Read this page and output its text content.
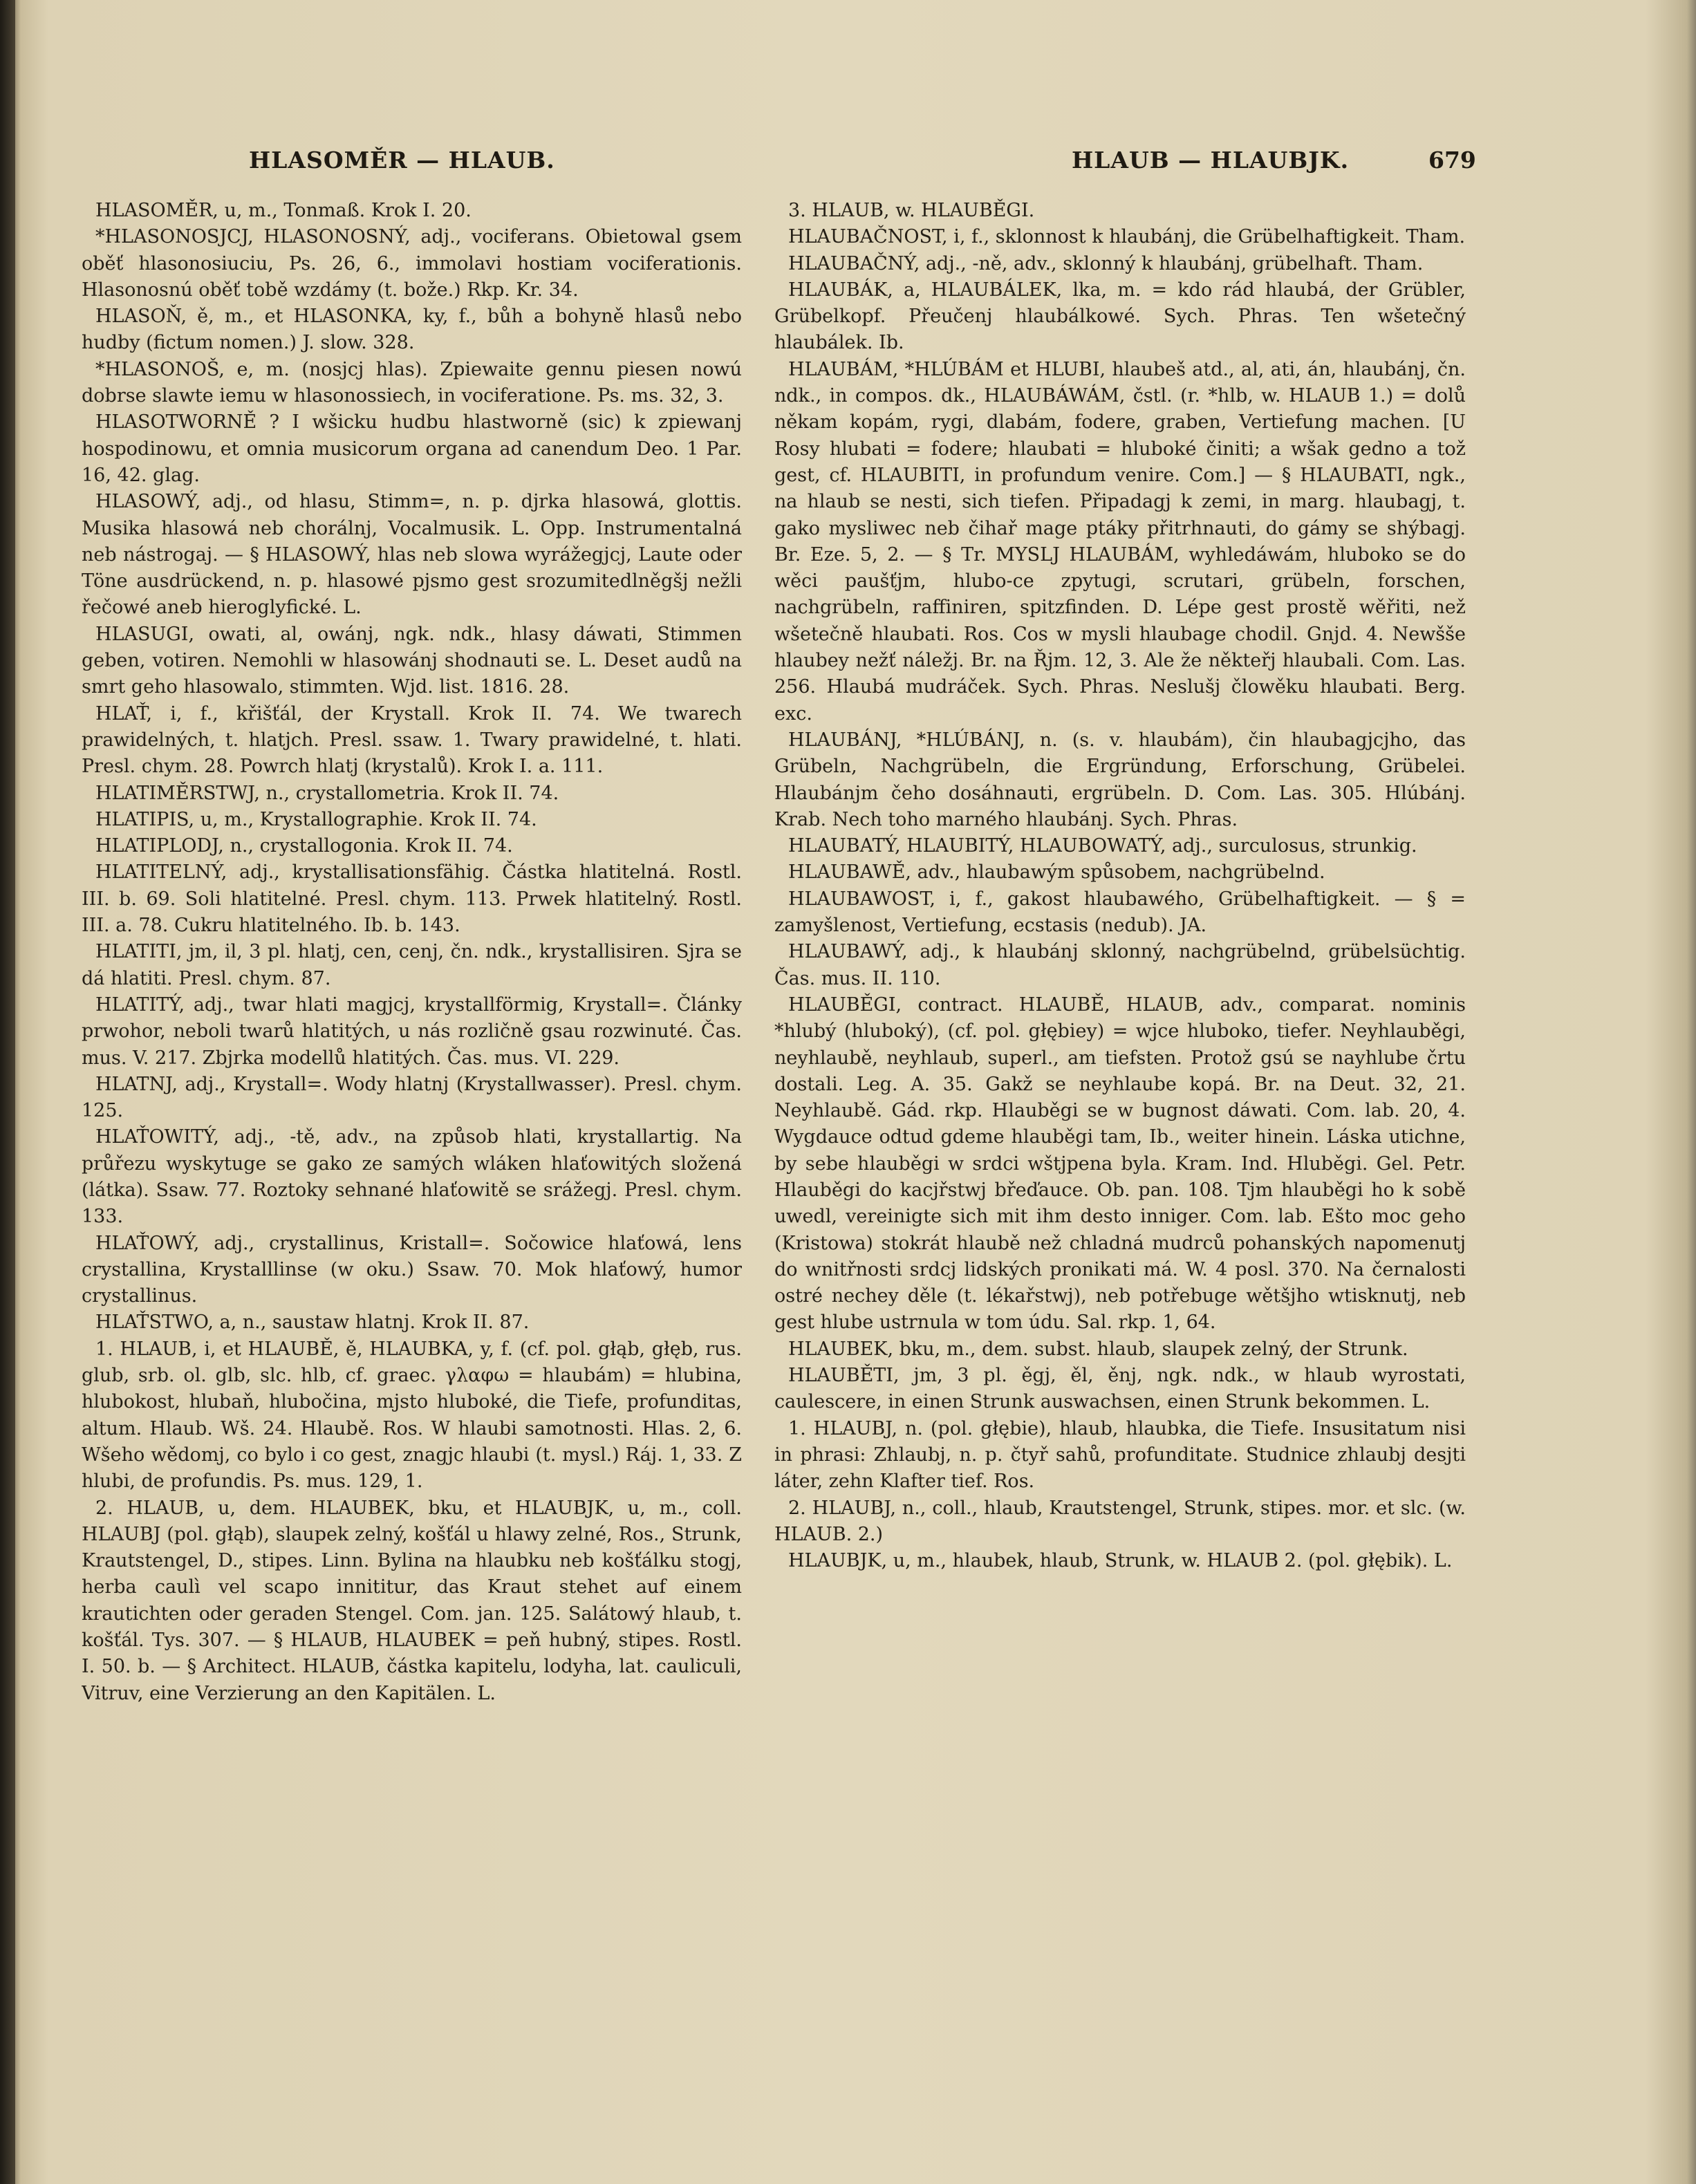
HLASOMĚR — HLAUB.	HLAUB — HLAUBJK.	679

HLASOMĚR, u, m., Tonmaß. Krok I. 20.

*HLASONOSJCJ, HLASONOSNÝ, adj., vociferans. Obietowal gsem oběť hlasonosiuciu, Ps. 26, 6., immolavi hostiam vociferationis. Hlasonosnú oběť tobě wzdámy (t. bože.) Rkp. Kr. 34.

HLASOŇ, ě, m., et HLASONKA, ky, f., bůh a bohyně hlasů nebo hudby (fictum nomen.) J. slow. 328.

*HLASONOŠ, e, m. (nosjcj hlas). Zpiewaite gennu piesen nowú dobrse slawte iemu w hlasonossiech, in vociferatione. Ps. ms. 32, 3.

HLASOTWORNĚ ? I wšicku hudbu hlastworně (sic) k zpiewanj hospodinowu, et omnia musicorum organa ad canendum Deo. 1 Par. 16, 42. glag.

HLASOWÝ, adj., od hlasu, Stimm=, n. p. djrka hlasowá, glottis. Musika hlasowá neb chorálnj, Vocalmusik. L. Opp. Instrumentalná neb nástrogaj. — § HLASOWÝ, hlas neb slowa wyrážegjcj, Laute oder Töne ausdrückend, n. p. hlasowé pjsmo gest srozumitedlněgšj nežli řečowé aneb hieroglyfické. L.

HLASUGI, owati, al, owánj, ngk. ndk., hlasy dáwati, Stimmen geben, votiren. Nemohli w hlasowánj shodnauti se. L. Deset audů na smrt geho hlasowalo, stimmten. Wjd. list. 1816. 28.

HLAŤ, i, f., křišťál, der Krystall. Krok II. 74. We twarech prawidelných, t. hlatjch. Presl. ssaw. 1. Twary prawidelné, t. hlati. Presl. chym. 28. Powrch hlatj (krystalů). Krok I. a. 111.

HLATIMĚRSTWJ, n., crystallometria. Krok II. 74.

HLATIPIS, u, m., Krystallographie. Krok II. 74.

HLATIPLODJ, n., crystallogonia. Krok II. 74.

HLATITELNÝ, adj., krystallisationsfähig. Částka hlatitelná. Rostl. III. b. 69. Soli hlatitelné. Presl. chym. 113. Prwek hlatitelný. Rostl. III. a. 78. Cukru hlatitelného. Ib. b. 143.

HLATITI, jm, il, 3 pl. hlatj, cen, cenj, čn. ndk., krystallisiren. Sjra se dá hlatiti. Presl. chym. 87.

HLATITÝ, adj., twar hlati magjcj, krystallförmig, Krystall=. Články prwohor, neboli twarů hlatitých, u nás rozličně gsau rozwinuté. Čas. mus. V. 217. Zbjrka modellů hlatitých. Čas. mus. VI. 229.

HLATNJ, adj., Krystall=. Wody hlatnj (Krystallwasser). Presl. chym. 125.

HLAŤOWITÝ, adj., -tě, adv., na způsob hlati, krystallartig. Na průřezu wyskytuge se gako ze samých wláken hlaťowitých složená (látka). Ssaw. 77. Roztoky sehnané hlaťowitě se srážegj. Presl. chym. 133.

HLAŤOWÝ, adj., crystallinus, Kristall=. Sočowice hlaťowá, lens crystallina, Krystalllinse (w oku.) Ssaw. 70. Mok hlaťowý, humor crystallinus.

HLAŤSTWO, a, n., saustaw hlatnj. Krok II. 87.

1. HLAUB, i, et HLAUBĚ, ě, HLAUBKA, y, f. (cf. pol. głąb, głęb, rus. glub, srb. ol. glb, slc. hlb, cf. graec. γλαφω = hlaubám) = hlubina, hlubokost, hlubaň, hlubočina, mjsto hluboké, die Tiefe, profunditas, altum. Hlaub. Wš. 24. Hlaubě. Ros. W hlaubi samotnosti. Hlas. 2, 6. Wšeho wědomj, co bylo i co gest, znagjc hlaubi (t. mysl.) Ráj. 1, 33. Z hlubi, de profundis. Ps. mus. 129, 1.

2. HLAUB, u, dem. HLAUBEK, bku, et HLAUBJK, u, m., coll. HLAUBJ (pol. głąb), slaupek zelný, košťál u hlawy zelné, Ros., Strunk, Krautstengel, D., stipes. Linn. Bylina na hlaubku neb košťálku stogj, herba caulì vel scapo innititur, das Kraut stehet auf einem krautichten oder geraden Stengel. Com. jan. 125. Salátowý hlaub, t. košťál. Tys. 307. — § HLAUB, HLAUBEK = peň hubný, stipes. Rostl. I. 50. b. — § Architect. HLAUB, částka kapitelu, lodyha, lat. cauliculi, Vitruv, eine Verzierung an den Kapitälen. L.

3. HLAUB, w. HLAUBĚGI.

HLAUBAČNOST, i, f., sklonnost k hlaubánj, die Grübelhaftigkeit. Tham.

HLAUBAČNÝ, adj., -ně, adv., sklonný k hlaubánj, grübelhaft. Tham.

HLAUBÁK, a, HLAUBÁLEK, lka, m. = kdo rád hlaubá, der Grübler, Grübelkopf. Přeučenj hlaubálkowé. Sych. Phras. Ten wšetečný hlaubálek. Ib.

HLAUBÁM, *HLÚBÁM et HLUBI, hlaubeš atd., al, ati, án, hlaubánj, čn. ndk., in compos. dk., HLAUBÁWÁM, čstl. (r. *hlb, w. HLAUB 1.) = dolů někam kopám, rygi, dlabám, fodere, graben, Vertiefung machen. [U Rosy hlubati = fodere; hlaubati = hluboké činiti; a wšak gedno a tož gest, cf. HLAUBITI, in profundum venire. Com.] — § HLAUBATI, ngk., na hlaub se nesti, sich tiefen. Připadagj k zemi, in marg. hlaubagj, t. gako mysliwec neb čihař mage ptáky přitrhnauti, do gámy se shýbagj. Br. Eze. 5, 2. — § Tr. MYSLJ HLAUBÁM, wyhledáwám, hluboko se do wěci paušťjm, hlubo-ce zpytugi, scrutari, grübeln, forschen, nachgrübeln, raffiniren, spitzfinden. D. Lépe gest prostě wěřiti, než wšetečně hlaubati. Ros. Cos w mysli hlaubage chodil. Gnjd. 4. Newšše hlaubey nežť náležj. Br. na Řjm. 12, 3. Ale že někteřj hlaubali. Com. Las. 256. Hlaubá mudráček. Sych. Phras. Neslušj člowěku hlaubati. Berg. exc.

HLAUBÁNJ, *HLÚBÁNJ, n. (s. v. hlaubám), čin hlaubagjcjho, das Grübeln, Nachgrübeln, die Ergründung, Erforschung, Grübelei. Hlaubánjm čeho dosáhnauti, ergrübeln. D. Com. Las. 305. Hlúbánj. Krab. Nech toho marného hlaubánj. Sych. Phras.

HLAUBATÝ, HLAUBITÝ, HLAUBOWATÝ, adj., surculosus, strunkig.

HLAUBAWĚ, adv., hlaubawým spůsobem, nachgrübelnd.

HLAUBAWOST, i, f., gakost hlaubawého, Grübelhaftigkeit. — § = zamyšlenost, Vertiefung, ecstasis (nedub). JA.

HLAUBAWÝ, adj., k hlaubánj sklonný, nachgrübelnd, grübelsüchtig. Čas. mus. II. 110.

HLAUBĚGI, contract. HLAUBĚ, HLAUB, adv., comparat. nominis *hlubý (hluboký), (cf. pol. głębiey) = wjce hluboko, tiefer. Neyhlauběgi, neyhlaubě, neyhlaub, superl., am tiefsten. Protož gsú se nayhlube črtu dostali. Leg. A. 35. Gakž se neyhlaube kopá. Br. na Deut. 32, 21. Neyhlaubě. Gád. rkp. Hlauběgi se w bugnost dáwati. Com. lab. 20, 4. Wygdauce odtud gdeme hlauběgi tam, Ib., weiter hinein. Láska utichne, by sebe hlauběgi w srdci wštjpena byla. Kram. Ind. Hluběgi. Gel. Petr. Hlauběgi do kacjřstwj břeďauce. Ob. pan. 108. Tjm hlauběgi ho k sobě uwedl, vereinigte sich mit ihm desto inniger. Com. lab. Ešto moc geho (Kristowa) stokrát hlaubě než chladná mudrců pohanských napomenutj do wnitřnosti srdcj lidských pronikati má. W. 4 posl. 370. Na černalosti ostré nechey děle (t. lékařstwj), neb potřebuge wětšjho wtisknutj, neb gest hlube ustrnula w tom údu. Sal. rkp. 1, 64.

HLAUBEK, bku, m., dem. subst. hlaub, slaupek zelný, der Strunk.

HLAUBĚTI, jm, 3 pl. ěgj, ěl, ěnj, ngk. ndk., w hlaub wyrostati, caulescere, in einen Strunk auswachsen, einen Strunk bekommen. L.

1. HLAUBJ, n. (pol. głębie), hlaub, hlaubka, die Tiefe. Insusitatum nisi in phrasi: Zhlaubj, n. p. čtyř sahů, profunditate. Studnice zhlaubj desjti láter, zehn Klafter tief. Ros.

2. HLAUBJ, n., coll., hlaub, Krautstengel, Strunk, stipes. mor. et slc. (w. HLAUB. 2.)

HLAUBJK, u, m., hlaubek, hlaub, Strunk, w. HLAUB 2. (pol. głębik). L.
